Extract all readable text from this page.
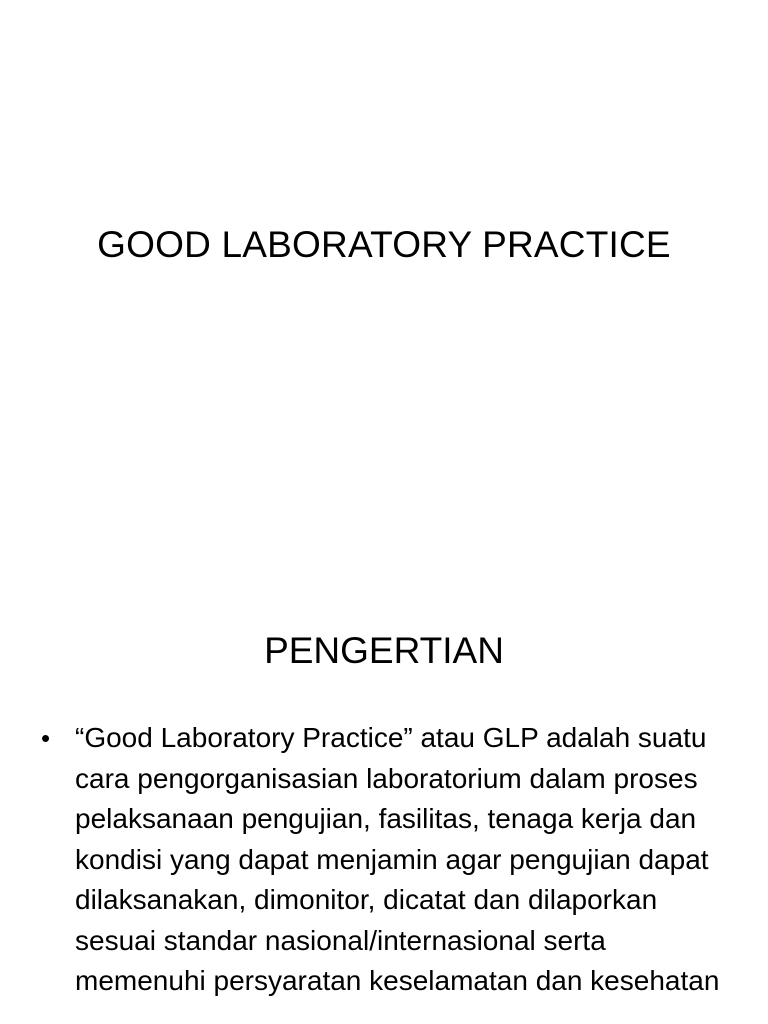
GOOD LABORATORY PRACTICE
PENGERTIAN
• “Good Laboratory Practice” atau GLP adalah suatu cara pengorganisasian laboratorium dalam proses pelaksanaan pengujian, fasilitas, tenaga kerja dan kondisi yang dapat menjamin agar pengujian dapat dilaksanakan, dimonitor, dicatat dan dilaporkan sesuai standar nasional/internasional serta memenuhi persyaratan keselamatan dan kesehatan
